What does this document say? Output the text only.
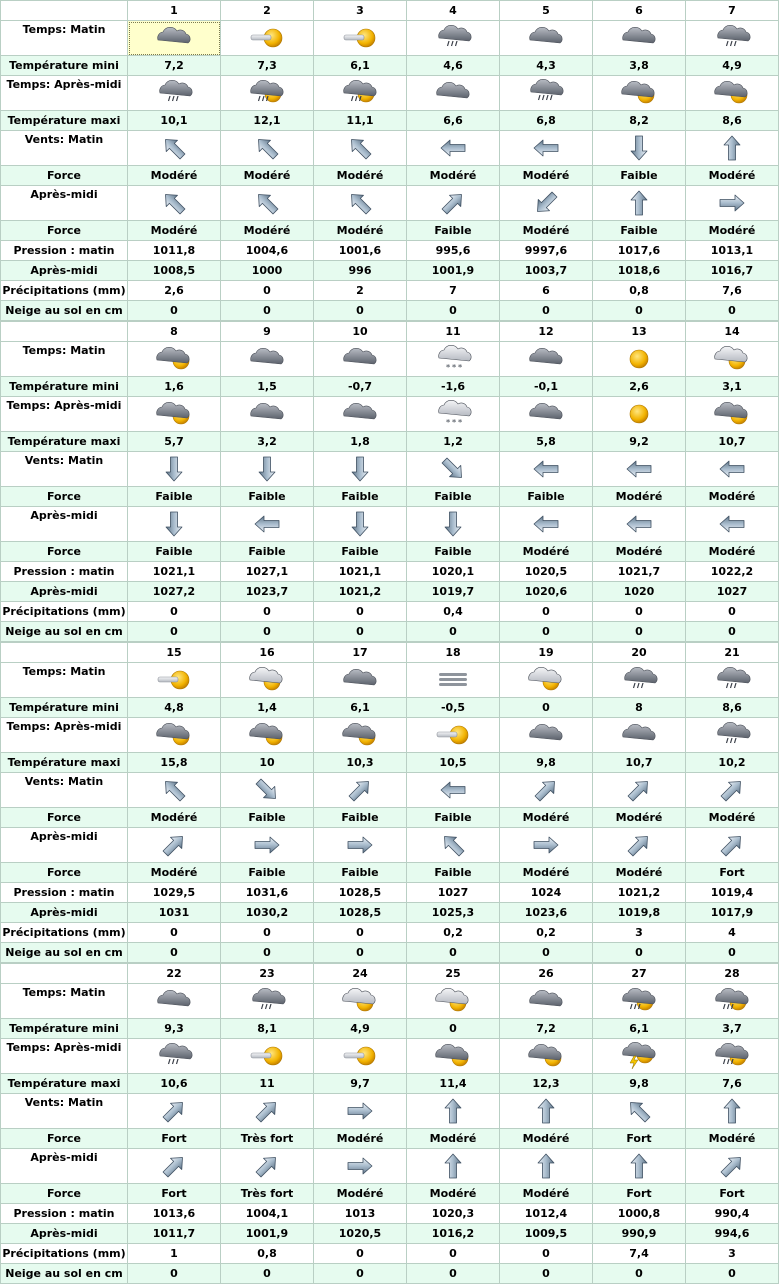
	1	2	3	4	5	6	7
Temps: Matin	

Température mini	7,2	7,3	6,1	4,6	4,3	3,8	4,9
Temps: Après-midi	

Température maxi	10,1	12,1	11,1	6,6	6,8	8,2	8,6
Vents: Matin	

Force	Modéré	Modéré	Modéré	Modéré	Modéré	Faible	Modéré
Après-midi	

Force	Modéré	Modéré	Modéré	Faible	Modéré	Faible	Modéré
Pression : matin	1011,8	1004,6	1001,6	995,6	9997,6	1017,6	1013,1
Après-midi	1008,5	1000	996	1001,9	1003,7	1018,6	1016,7
Précipitations (mm)	2,6	0	2	7	6	0,8	7,6
Neige au sol en cm	0	0	0	0	0	0	0
	8	9	10	11	12	13	14
Temps: Matin				* * *

Température mini	1,6	1,5	-0,7	-1,6	-0,1	2,6	3,1
Temps: Après-midi				* * *

Température maxi	5,7	3,2	1,8	1,2	5,8	9,2	10,7
Vents: Matin	

Force	Faible	Faible	Faible	Faible	Faible	Modéré	Modéré
Après-midi	

Force	Faible	Faible	Faible	Faible	Modéré	Modéré	Modéré
Pression : matin	1021,1	1027,1	1021,1	1020,1	1020,5	1021,7	1022,2
Après-midi	1027,2	1023,7	1021,2	1019,7	1020,6	1020	1027
Précipitations (mm)	0	0	0	0,4	0	0	0
Neige au sol en cm	0	0	0	0	0	0	0
	15	16	17	18	19	20	21
Temps: Matin	

Température mini	4,8	1,4	6,1	-0,5	0	8	8,6
Temps: Après-midi	

Température maxi	15,8	10	10,3	10,5	9,8	10,7	10,2
Vents: Matin	

Force	Modéré	Faible	Faible	Faible	Modéré	Modéré	Modéré
Après-midi	

Force	Modéré	Faible	Faible	Faible	Modéré	Modéré	Fort
Pression : matin	1029,5	1031,6	1028,5	1027	1024	1021,2	1019,4
Après-midi	1031	1030,2	1028,5	1025,3	1023,6	1019,8	1017,9
Précipitations (mm)	0	0	0	0,2	0,2	3	4
Neige au sol en cm	0	0	0	0	0	0	0
	22	23	24	25	26	27	28
Temps: Matin	

Température mini	9,3	8,1	4,9	0	7,2	6,1	3,7
Temps: Après-midi	

Température maxi	10,6	11	9,7	11,4	12,3	9,8	7,6
Vents: Matin	

Force	Fort	Très fort	Modéré	Modéré	Modéré	Fort	Modéré
Après-midi	

Force	Fort	Très fort	Modéré	Modéré	Modéré	Fort	Fort
Pression : matin	1013,6	1004,1	1013	1020,3	1012,4	1000,8	990,4
Après-midi	1011,7	1001,9	1020,5	1016,2	1009,5	990,9	994,6
Précipitations (mm)	1	0,8	0	0	0	7,4	3
Neige au sol en cm	0	0	0	0	0	0	0
